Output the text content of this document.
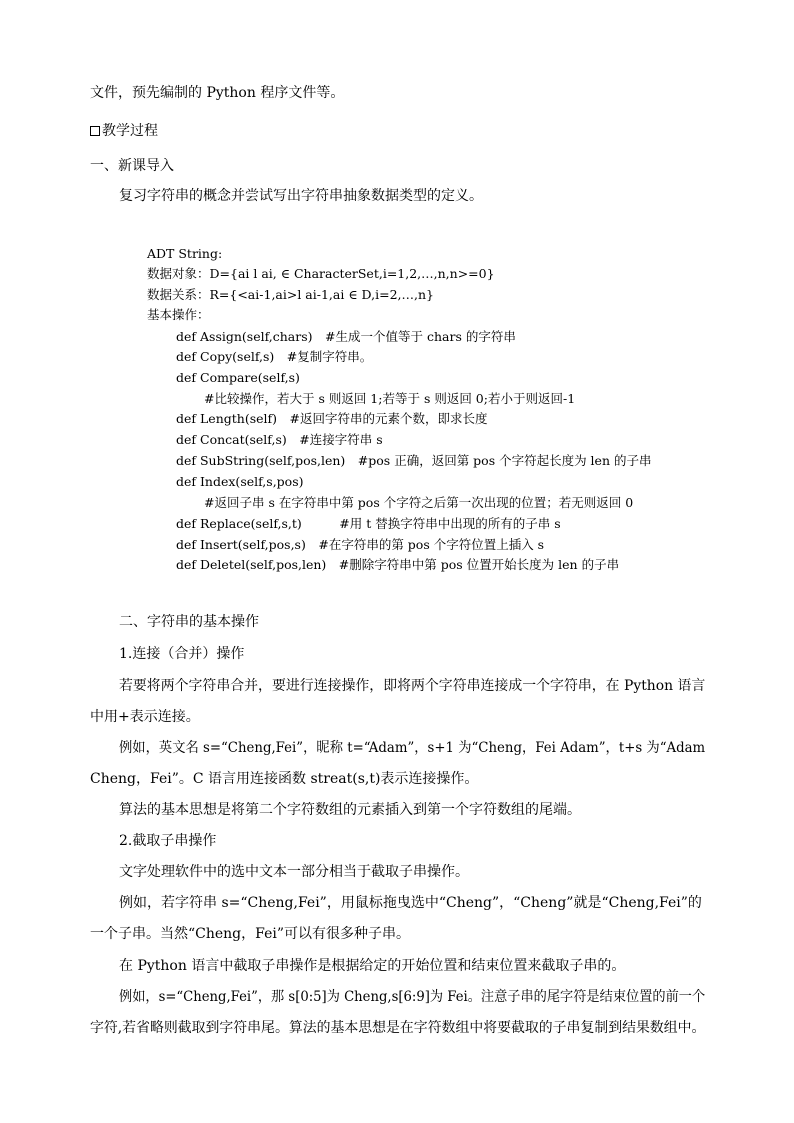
文件，预先编制的 Python 程序文件等。
教学过程
一、新课导入
复习字符串的概念并尝试写出字符串抽象数据类型的定义。
ADT String:
数据对象：D={ai l ai, ∈ CharacterSet,i=1,2,…,n,n>=0}
数据关系：R={<ai-1,ai>l ai-1,ai ∈ D,i=2,…,n}
基本操作：
def Assign(self,chars)　#生成一个值等于 chars 的字符串
def Copy(self,s)　#复制字符串。
def Compare(self,s)
#比较操作，若大于 s 则返回 1;若等于 s 则返回 0;若小于则返回-1
def Length(self)　#返回字符串的元素个数，即求长度
def Concat(self,s)　#连接字符串 s
def SubString(self,pos,len)　#pos 正确，返回第 pos 个字符起长度为 len 的子串
def Index(self,s,pos)
#返回子串 s 在字符串中第 pos 个字符之后第一次出现的位置；若无则返回 0
def Replace(self,s,t)　　　#用 t 替换字符串中出现的所有的子串 s
def Insert(self,pos,s)　#在字符串的第 pos 个字符位置上插入 s
def Deletel(self,pos,len)　#删除字符串中第 pos 位置开始长度为 len 的子串
二、字符串的基本操作
1.连接（合并）操作
若要将两个字符串合并，要进行连接操作，即将两个字符串连接成一个字符串，在 Python 语言
中用+表示连接。
例如，英文名 s=“Cheng,Fei”，昵称 t=“Adam”，s+1 为“Cheng，Fei Adam”，t+s 为“Adam
Cheng，Fei”。C 语言用连接函数 streat(s,t)表示连接操作。
算法的基本思想是将第二个字符数组的元素插入到第一个字符数组的尾端。
2.截取子串操作
文字处理软件中的选中文本一部分相当于截取子串操作。
例如，若字符串 s=“Cheng,Fei”，用鼠标拖曳选中“Cheng”，“Cheng”就是“Cheng,Fei”的
一个子串。当然“Cheng，Fei”可以有很多种子串。
在 Python 语言中截取子串操作是根据给定的开始位置和结束位置来截取子串的。
例如，s=“Cheng,Fei”，那 s[0:5]为 Cheng,s[6:9]为 Fei。注意子串的尾字符是结束位置的前一个
字符,若省略则截取到字符串尾。算法的基本思想是在字符数组中将要截取的子串复制到结果数组中。
